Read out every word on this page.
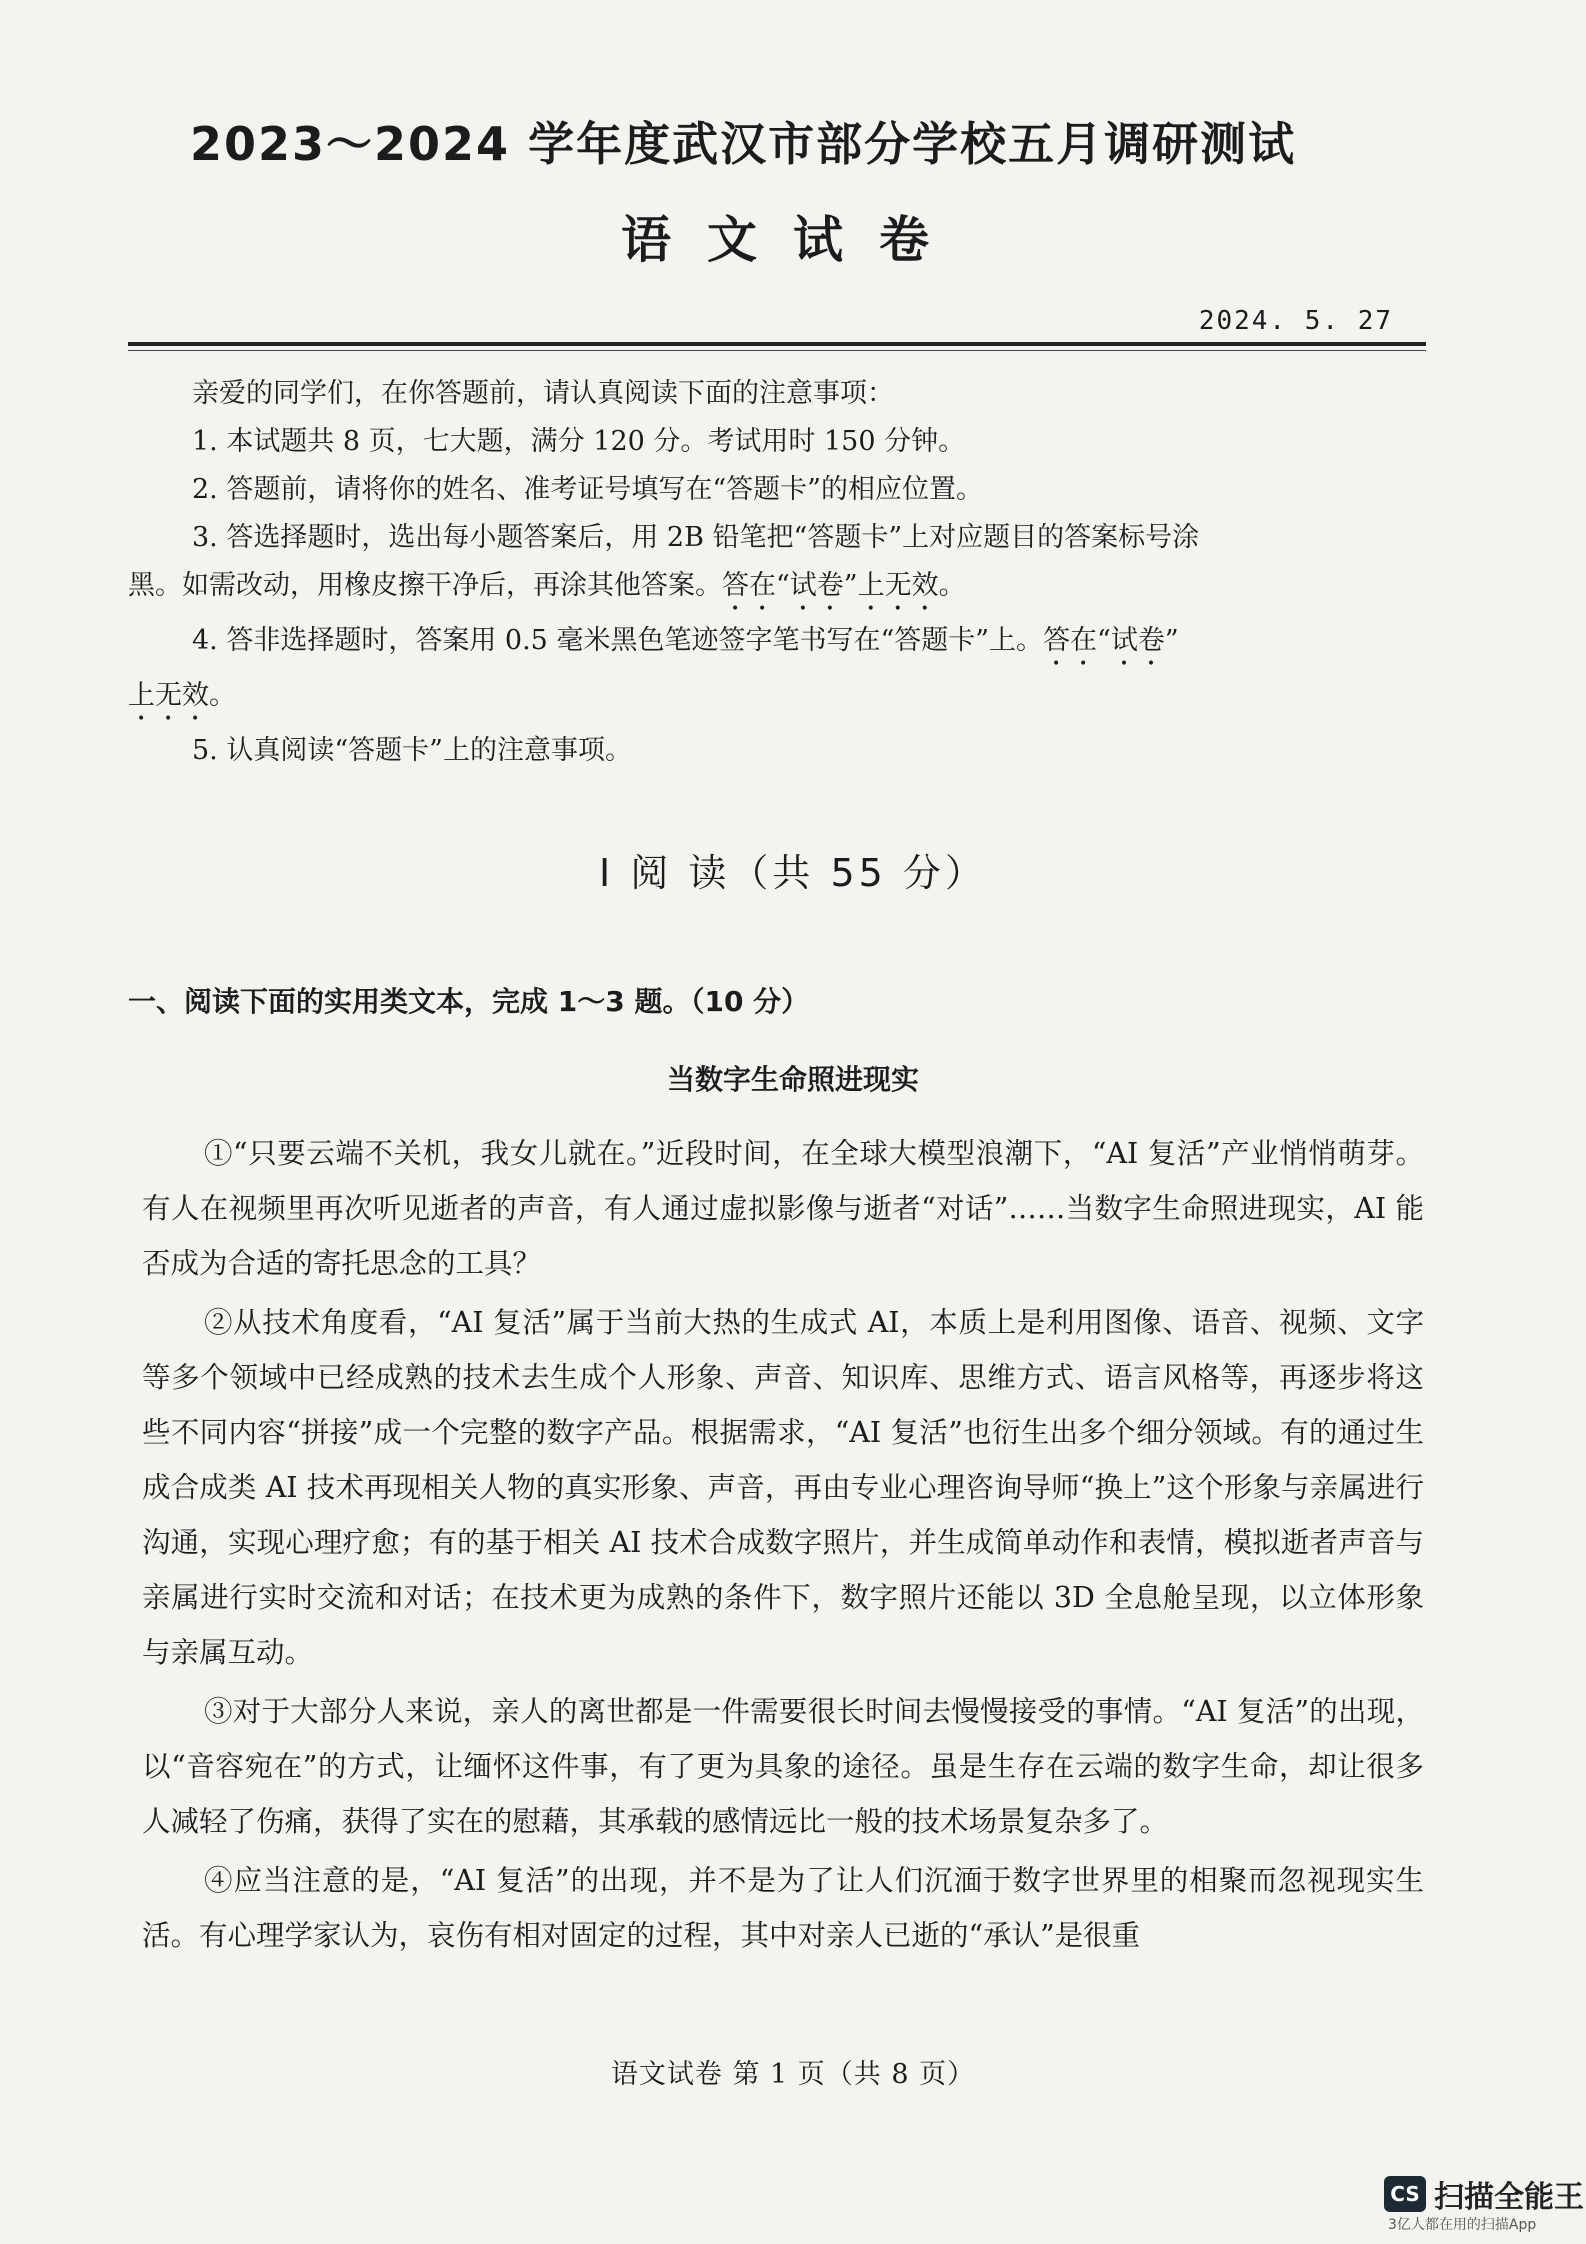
2023～2024 学年度武汉市部分学校五月调研测试
语文试卷
2024. 5. 27

亲爱的同学们，在你答题前，请认真阅读下面的注意事项：

1. 本试题共 8 页，七大题，满分 120 分。考试用时 150 分钟。

2. 答题前，请将你的姓名、准考证号填写在“答题卡”的相应位置。

3. 答选择题时，选出每小题答案后，用 2B 铅笔把“答题卡”上对应题目的答案标号涂

黑。如需改动，用橡皮擦干净后，再涂其他答案。答在“试卷”上无效。

4. 答非选择题时，答案用 0.5 毫米黑色笔迹签字笔书写在“答题卡”上。答在“试卷”

上无效。

5. 认真阅读“答题卡”上的注意事项。

Ⅰ 阅 读（共 55 分）
一、阅读下面的实用类文本，完成 1～3 题。（10 分）
当数字生命照进现实

①“只要云端不关机，我女儿就在。”近段时间，在全球大模型浪潮下，“AI 复活”产业悄悄萌芽。有人在视频里再次听见逝者的声音，有人通过虚拟影像与逝者“对话”……当数字生命照进现实，AI 能否成为合适的寄托思念的工具？

②从技术角度看，“AI 复活”属于当前大热的生成式 AI，本质上是利用图像、语音、视频、文字等多个领域中已经成熟的技术去生成个人形象、声音、知识库、思维方式、语言风格等，再逐步将这些不同内容“拼接”成一个完整的数字产品。根据需求，“AI 复活”也衍生出多个细分领域。有的通过生成合成类 AI 技术再现相关人物的真实形象、声音，再由专业心理咨询导师“换上”这个形象与亲属进行沟通，实现心理疗愈；有的基于相关 AI 技术合成数字照片，并生成简单动作和表情，模拟逝者声音与亲属进行实时交流和对话；在技术更为成熟的条件下，数字照片还能以 3D 全息舱呈现，以立体形象与亲属互动。

③对于大部分人来说，亲人的离世都是一件需要很长时间去慢慢接受的事情。“AI 复活”的出现，以“音容宛在”的方式，让缅怀这件事，有了更为具象的途径。虽是生存在云端的数字生命，却让很多人减轻了伤痛，获得了实在的慰藉，其承载的感情远比一般的技术场景复杂多了。

④应当注意的是，“AI 复活”的出现，并不是为了让人们沉湎于数字世界里的相聚而忽视现实生活。有心理学家认为，哀伤有相对固定的过程，其中对亲人已逝的“承认”是很重

语文试卷 第 1 页（共 8 页）
CS 扫描全能王
3亿人都在用的扫描App
